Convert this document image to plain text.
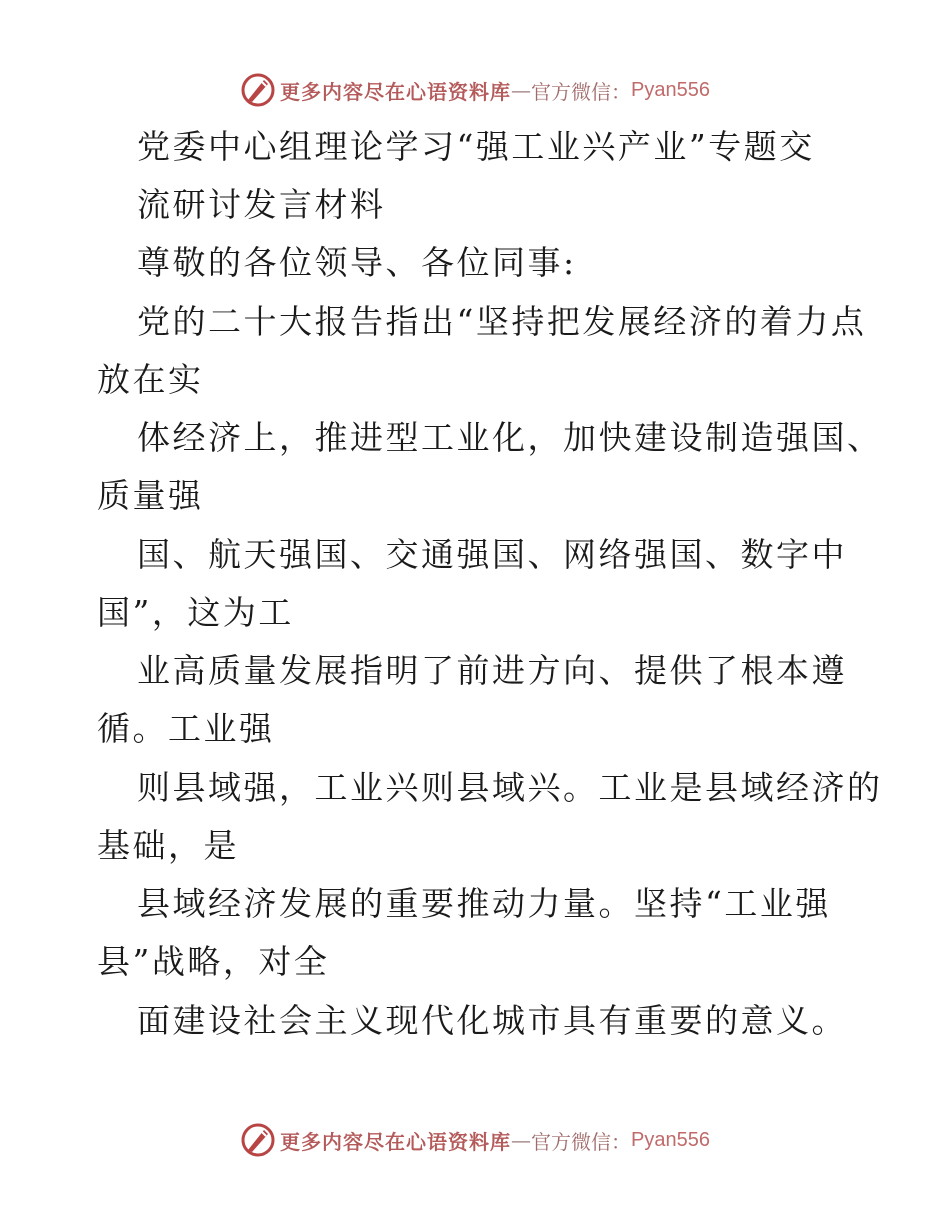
更多内容尽在心语资料库 — 官方微信： Pyan556
党委中心组理论学习“强工业兴产业”专题交
流研讨发言材料
尊敬的各位领导、各位同事:
党的二十大报告指出“坚持把发展经济的着力点
放在实
体经济上，推进型工业化，加快建设制造强国、
质量强
国、航天强国、交通强国、网络强国、数字中
国”，这为工
业高质量发展指明了前进方向、提供了根本遵
循。工业强
则县域强，工业兴则县域兴。工业是县域经济的
基础，是
县域经济发展的重要推动力量。坚持“工业强
县”战略，对全
面建设社会主义现代化城市具有重要的意义。
更多内容尽在心语资料库 — 官方微信： Pyan556
